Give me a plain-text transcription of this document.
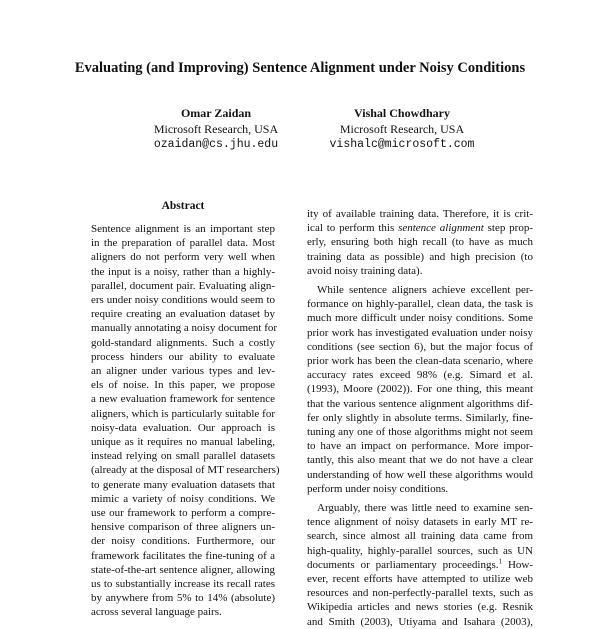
Evaluating (and Improving) Sentence Alignment under Noisy Conditions
Omar Zaidan
Microsoft Research, USA
ozaidan@cs.jhu.edu
Vishal Chowdhary
Microsoft Research, USA
vishalc@microsoft.com
Abstract
Sentence alignment is an important step
in the preparation of parallel data. Most
aligners do not perform very well when
the input is a noisy, rather than a highly-
parallel, document pair. Evaluating align-
ers under noisy conditions would seem to
require creating an evaluation dataset by
manually annotating a noisy document for
gold-standard alignments. Such a costly
process hinders our ability to evaluate
an aligner under various types and lev-
els of noise. In this paper, we propose
a new evaluation framework for sentence
aligners, which is particularly suitable for
noisy-data evaluation. Our approach is
unique as it requires no manual labeling,
instead relying on small parallel datasets
(already at the disposal of MT researchers)
to generate many evaluation datasets that
mimic a variety of noisy conditions. We
use our framework to perform a compre-
hensive comparison of three aligners un-
der noisy conditions. Furthermore, our
framework facilitates the fine-tuning of a
state-of-the-art sentence aligner, allowing
us to substantially increase its recall rates
by anywhere from 5% to 14% (absolute)
across several language pairs.
ity of available training data. Therefore, it is crit-
ical to perform this sentence alignment step prop-
erly, ensuring both high recall (to have as much
training data as possible) and high precision (to
avoid noisy training data).
While sentence aligners achieve excellent per-
formance on highly-parallel, clean data, the task is
much more difficult under noisy conditions. Some
prior work has investigated evaluation under noisy
conditions (see section 6), but the major focus of
prior work has been the clean-data scenario, where
accuracy rates exceed 98% (e.g. Simard et al.
(1993), Moore (2002)). For one thing, this meant
that the various sentence alignment algorithms dif-
fer only slightly in absolute terms. Similarly, fine-
tuning any one of those algorithms might not seem
to have an impact on performance. More impor-
tantly, this also meant that we do not have a clear
understanding of how well these algorithms would
perform under noisy conditions.
Arguably, there was little need to examine sen-
tence alignment of noisy datasets in early MT re-
search, since almost all training data came from
high-quality, highly-parallel sources, such as UN
documents or parliamentary proceedings.$^1$ How-
ever, recent efforts have attempted to utilize web
resources and non-perfectly-parallel texts, such as
Wikipedia articles and news stories (e.g. Resnik
and Smith (2003), Utiyama and Isahara (2003),
